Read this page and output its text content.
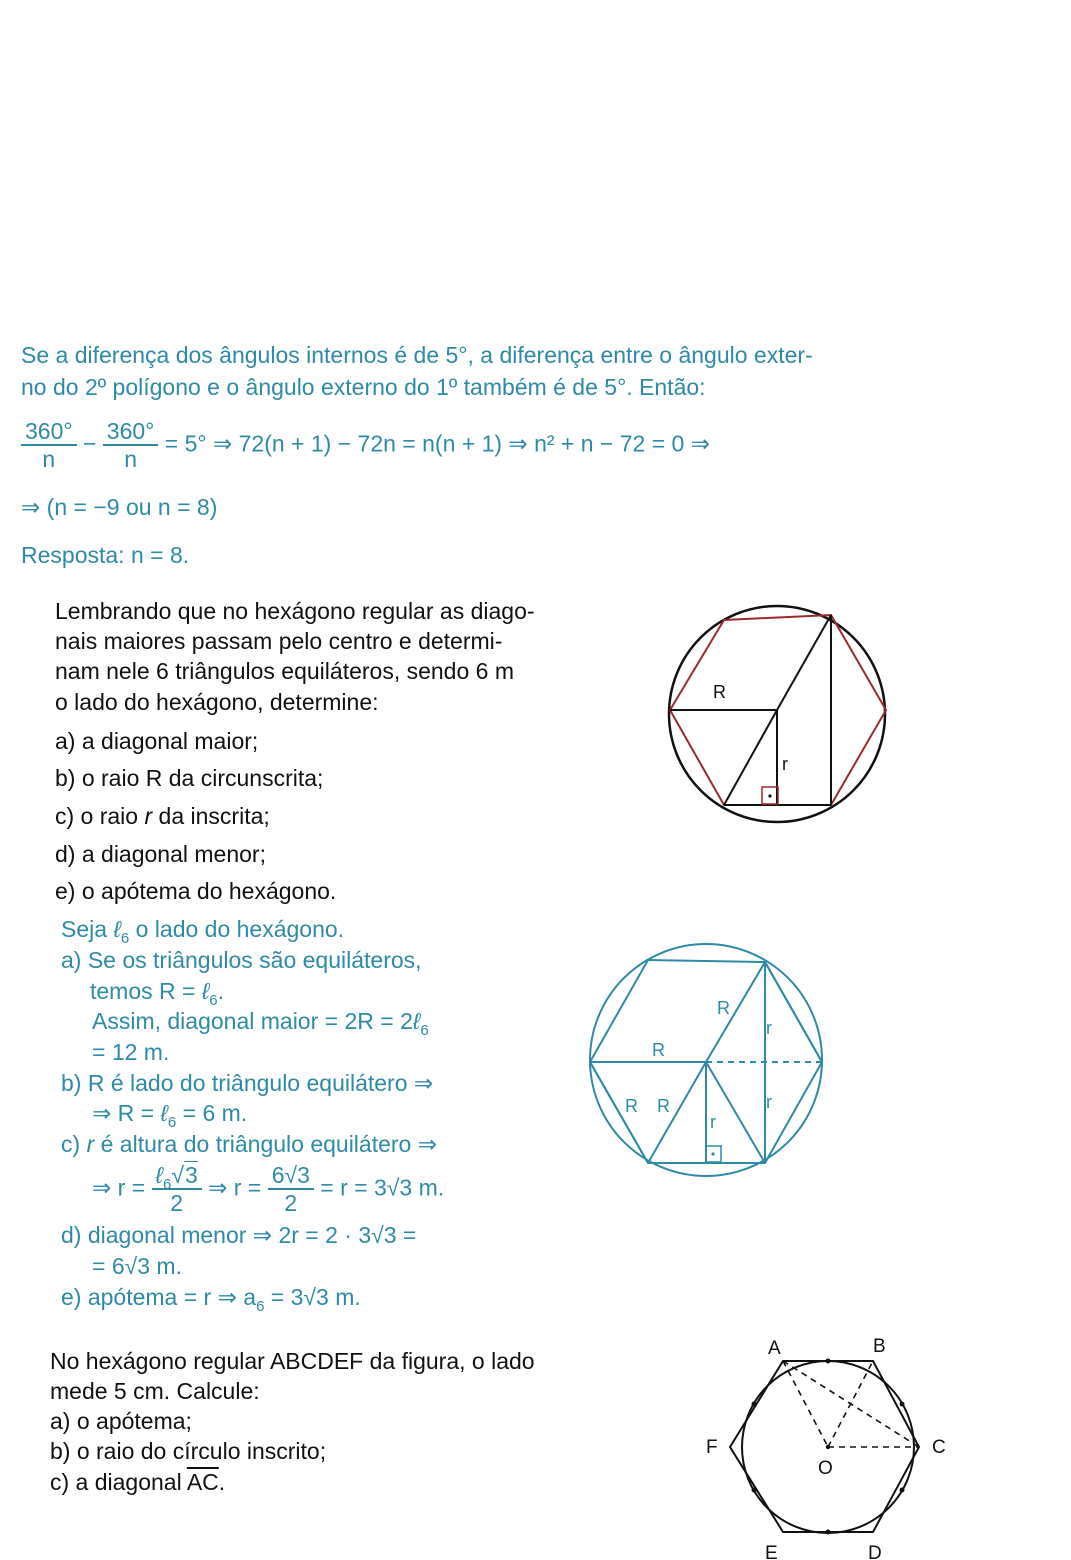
Se a diferença dos ângulos internos é de 5°, a diferença entre o ângulo exter-
no do 2º polígono e o ângulo externo do 1º também é de 5°. Então:
$\frac{360^\circ}{n} - \frac{360^\circ}{n} = 5^\circ$ ⇒ 72(n + 1) − 72n = n(n + 1) ⇒ n² + n − 72 = 0 ⇒
⇒ (n = −9 ou n = 8)
Resposta: n = 8.
Lembrando que no hexágono regular as diago-
nais maiores passam pelo centro e determi-
nam nele 6 triângulos equiláteros, sendo 6 m
o lado do hexágono, determine:
a) a diagonal maior;
b) o raio R da circunscrita;
c) o raio r da inscrita;
d) a diagonal menor;
e) o apótema do hexágono.
R
r
Seja ℓ$_6$ o lado do hexágono.
a) Se os triângulos são equiláteros,
temos R = ℓ$_6$.
Assim, diagonal maior = 2R = 2ℓ$_6$
= 12 m.
b) R é lado do triângulo equilátero ⇒
⇒ R = ℓ$_6$ = 6 m.
c) r é altura do triângulo equilátero ⇒
⇒ $r = \frac{\ell_6√3}{2}$ ⇒ $r = \frac{6√3}{2} = r = 3√3$ m.
d) diagonal menor ⇒ 2r = 2 · 3√3 =
= 6√3 m.
e) apótema = r ⇒ $a_6 = 3√3$ m.
R
r
R
R R	r
r
No hexágono regular ABCDEF da figura, o lado
mede 5 cm. Calcule:
a) o apótema;
b) o raio do círculo inscrito;
c) a diagonal $\overline{AC}$.
A	B
C
D
E
F
O
